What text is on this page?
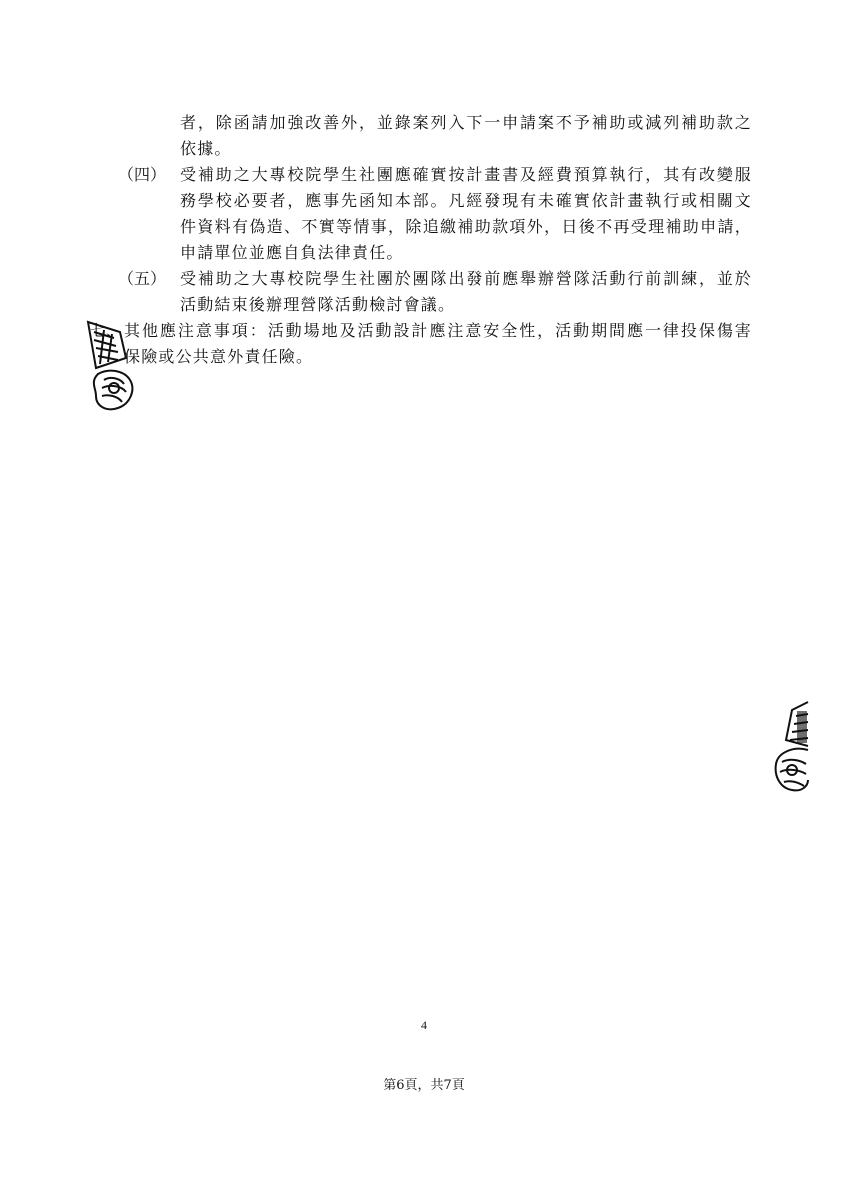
者，除函請加強改善外，並錄案列入下一申請案不予補助或減列補助款之
依據。
（四） 受補助之大專校院學生社團應確實按計畫書及經費預算執行，其有改變服
務學校必要者，應事先函知本部。凡經發現有未確實依計畫執行或相關文
件資料有偽造、不實等情事，除追繳補助款項外，日後不再受理補助申請，
申請單位並應自負法律責任。
（五） 受補助之大專校院學生社團於團隊出發前應舉辦營隊活動行前訓練，並於
活動結束後辦理營隊活動檢討會議。
七、 其他應注意事項：活動場地及活動設計應注意安全性，活動期間應一律投保傷害
保險或公共意外責任險。
4
第6頁，共7頁
